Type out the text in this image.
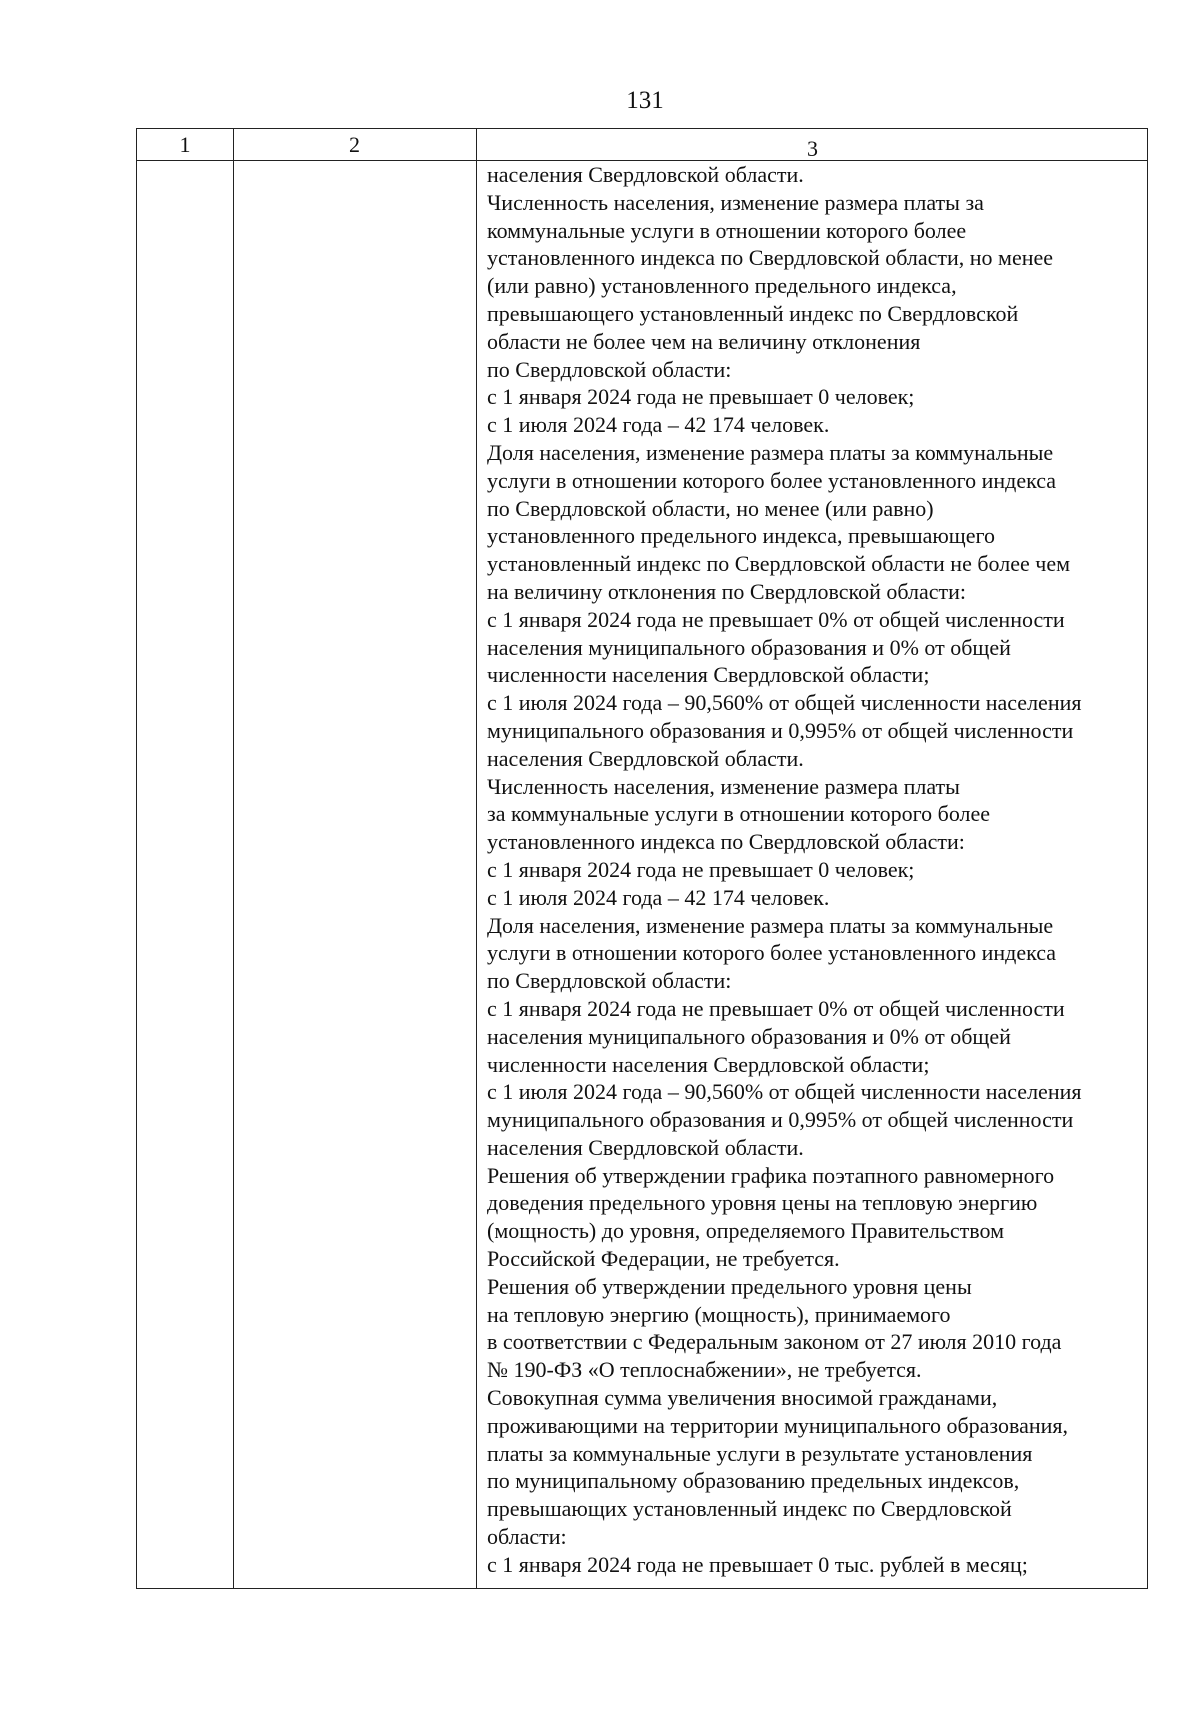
131
1	2	3
населения Свердловской области.
Численность населения, изменение размера платы за
коммунальные услуги в отношении которого более
установленного индекса по Свердловской области, но менее
(или равно) установленного предельного индекса,
превышающего установленный индекс по Свердловской
области не более чем на величину отклонения
по Свердловской области:
с 1 января 2024 года не превышает 0 человек;
с 1 июля 2024 года – 42 174 человек.
Доля населения, изменение размера платы за коммунальные
услуги в отношении которого более установленного индекса
по Свердловской области, но менее (или равно)
установленного предельного индекса, превышающего
установленный индекс по Свердловской области не более чем
на величину отклонения по Свердловской области:
с 1 января 2024 года не превышает 0% от общей численности
населения муниципального образования и 0% от общей
численности населения Свердловской области;
с 1 июля 2024 года – 90,560% от общей численности населения
муниципального образования и 0,995% от общей численности
населения Свердловской области.
Численность населения, изменение размера платы
за коммунальные услуги в отношении которого более
установленного индекса по Свердловской области:
с 1 января 2024 года не превышает 0 человек;
с 1 июля 2024 года – 42 174 человек.
Доля населения, изменение размера платы за коммунальные
услуги в отношении которого более установленного индекса
по Свердловской области:
с 1 января 2024 года не превышает 0% от общей численности
населения муниципального образования и 0% от общей
численности населения Свердловской области;
с 1 июля 2024 года – 90,560% от общей численности населения
муниципального образования и 0,995% от общей численности
населения Свердловской области.
Решения об утверждении графика поэтапного равномерного
доведения предельного уровня цены на тепловую энергию
(мощность) до уровня, определяемого Правительством
Российской Федерации, не требуется.
Решения об утверждении предельного уровня цены
на тепловую энергию (мощность), принимаемого
в соответствии с Федеральным законом от 27 июля 2010 года
№ 190-ФЗ «О теплоснабжении», не требуется.
Совокупная сумма увеличения вносимой гражданами,
проживающими на территории муниципального образования,
платы за коммунальные услуги в результате установления
по муниципальному образованию предельных индексов,
превышающих установленный индекс по Свердловской
области:
с 1 января 2024 года не превышает 0 тыс. рублей в месяц;
